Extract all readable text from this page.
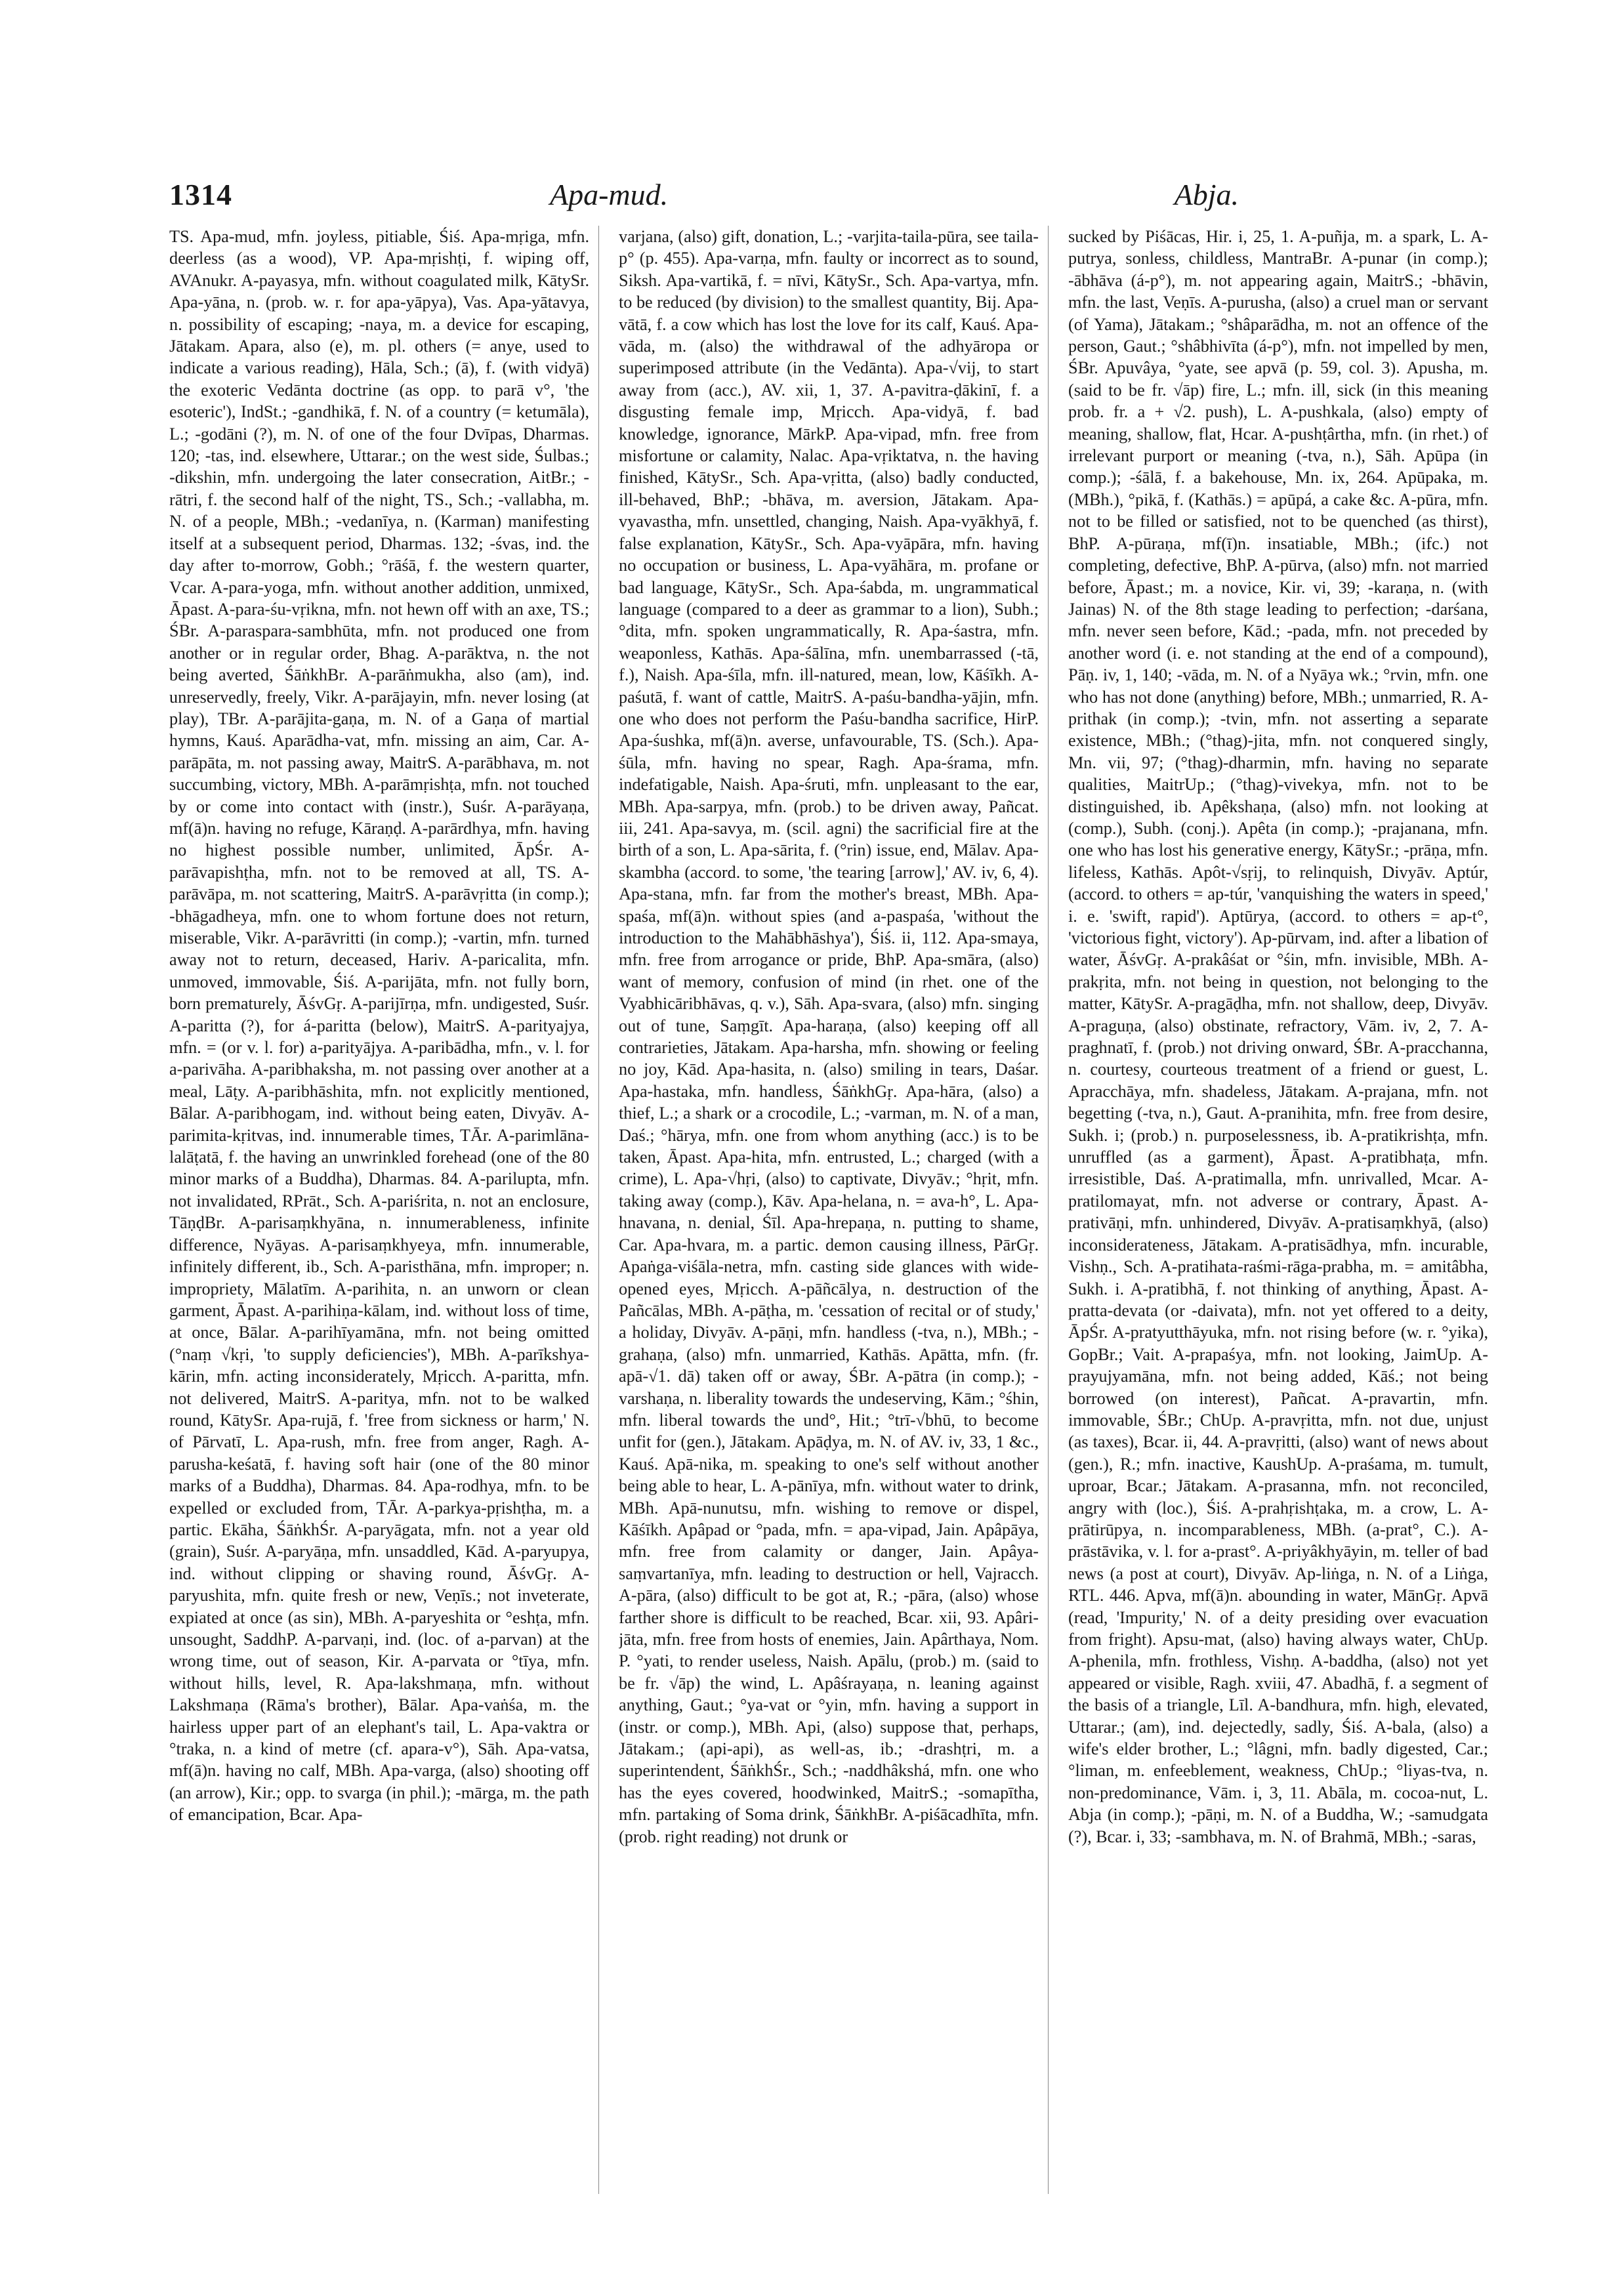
1314	Apa-mud.	Abja.

TS. Apa-mud, mfn. joyless, pitiable, Śiś. Apa-mṛiga, mfn. deerless (as a wood), VP. Apa-mṛishṭi, f. wiping off, AVAnukr. A-payasya, mfn. without coagulated milk, KātySr. Apa-yāna, n. (prob. w. r. for apa-yāpya), Vas. Apa-yātavya, n. possibility of escaping; -naya, m. a device for escaping, Jātakam. Apara, also (e), m. pl. others (= anye, used to indicate a various reading), Hāla, Sch.; (ā), f. (with vidyā) the exoteric Vedānta doctrine (as opp. to parā v°, 'the esoteric'), IndSt.; -gandhikā, f. N. of a country (= ketumāla), L.; -godāni (?), m. N. of one of the four Dvīpas, Dharmas. 120; -tas, ind. elsewhere, Uttarar.; on the west side, Śulbas.; -dikshin, mfn. undergoing the later consecration, AitBr.; -rātri, f. the second half of the night, TS., Sch.; -vallabha, m. N. of a people, MBh.; -vedanīya, n. (Karman) manifesting itself at a subsequent period, Dharmas. 132; -śvas, ind. the day after to-morrow, Gobh.; °rāśā, f. the western quarter, Vcar. A-para-yoga, mfn. without another addition, unmixed, Āpast. A-para-śu-vṛikna, mfn. not hewn off with an axe, TS.; ŚBr. A-paraspara-sambhūta, mfn. not produced one from another or in regular order, Bhag. A-parāktva, n. the not being averted, ŚāṅkhBr. A-parāṅmukha, also (am), ind. unreservedly, freely, Vikr. A-parājayin, mfn. never losing (at play), TBr. A-parājita-gaṇa, m. N. of a Gaṇa of martial hymns, Kauś. Aparādha-vat, mfn. missing an aim, Car. A-parāpāta, m. not passing away, MaitrS. A-parābhava, m. not succumbing, victory, MBh. A-parāmṛishṭa, mfn. not touched by or come into contact with (instr.), Suśr. A-parāyaṇa, mf(ā)n. having no refuge, Kāraṇḍ. A-parārdhya, mfn. having no highest possible number, unlimited, ĀpŚr. A-parāvapishṭha, mfn. not to be removed at all, TS. A-parāvāpa, m. not scattering, MaitrS. A-parāvṛitta (in comp.); -bhāgadheya, mfn. one to whom fortune does not return, miserable, Vikr. A-parāvritti (in comp.); -vartin, mfn. turned away not to return, deceased, Hariv. A-paricalita, mfn. unmoved, immovable, Śiś. A-parijāta, mfn. not fully born, born prematurely, ĀśvGṛ. A-parijīrṇa, mfn. undigested, Suśr. A-paritta (?), for á-paritta (below), MaitrS. A-parityajya, mfn. = (or v. l. for) a-parityājya. A-paribādha, mfn., v. l. for a-parivāha. A-paribhaksha, m. not passing over another at a meal, Lāṭy. A-paribhāshita, mfn. not explicitly mentioned, Bālar. A-paribhogam, ind. without being eaten, Divyāv. A-parimita-kṛitvas, ind. innumerable times, TĀr. A-parimlāna-lalāṭatā, f. the having an unwrinkled forehead (one of the 80 minor marks of a Buddha), Dharmas. 84. A-parilupta, mfn. not invalidated, RPrāt., Sch. A-pariśrita, n. not an enclosure, TāṇḍBr. A-parisaṃkhyāna, n. innumerableness, infinite difference, Nyāyas. A-parisaṃkhyeya, mfn. innumerable, infinitely different, ib., Sch. A-paristhāna, mfn. improper; n. impropriety, Mālatīm. A-parihita, n. an unworn or clean garment, Āpast. A-parihiṇa-kālam, ind. without loss of time, at once, Bālar. A-parihīyamāna, mfn. not being omitted (°naṃ √kṛi, 'to supply deficiencies'), MBh. A-parīkshya-kārin, mfn. acting inconsiderately, Mṛicch. A-paritta, mfn. not delivered, MaitrS. A-paritya, mfn. not to be walked round, KātySr. Apa-rujā, f. 'free from sickness or harm,' N. of Pārvatī, L. Apa-rush, mfn. free from anger, Ragh. A-parusha-keśatā, f. having soft hair (one of the 80 minor marks of a Buddha), Dharmas. 84. Apa-rodhya, mfn. to be expelled or excluded from, TĀr. A-parkya-pṛishṭha, m. a partic. Ekāha, ŚāṅkhŚr. A-paryāgata, mfn. not a year old (grain), Suśr. A-paryāṇa, mfn. unsaddled, Kād. A-paryupya, ind. without clipping or shaving round, ĀśvGṛ. A-paryushita, mfn. quite fresh or new, Veṇīs.; not inveterate, expiated at once (as sin), MBh. A-paryeshita or °eshṭa, mfn. unsought, SaddhP. A-parvaṇi, ind. (loc. of a-parvan) at the wrong time, out of season, Kir. A-parvata or °tīya, mfn. without hills, level, R. Apa-lakshmaṇa, mfn. without Lakshmaṇa (Rāma's brother), Bālar. Apa-vaṅśa, m. the hairless upper part of an elephant's tail, L. Apa-vaktra or °traka, n. a kind of metre (cf. apara-v°), Sāh. Apa-vatsa, mf(ā)n. having no calf, MBh. Apa-varga, (also) shooting off (an arrow), Kir.; opp. to svarga (in phil.); -mārga, m. the path of emancipation, Bcar. Apa-

varjana, (also) gift, donation, L.; -varjita-taila-pūra, see taila-p° (p. 455). Apa-varṇa, mfn. faulty or incorrect as to sound, Siksh. Apa-vartikā, f. = nīvi, KātySr., Sch. Apa-vartya, mfn. to be reduced (by division) to the smallest quantity, Bij. Apa-vātā, f. a cow which has lost the love for its calf, Kauś. Apa-vāda, m. (also) the withdrawal of the adhyāropa or superimposed attribute (in the Vedānta). Apa-√vij, to start away from (acc.), AV. xii, 1, 37. A-pavitra-ḍākinī, f. a disgusting female imp, Mṛicch. Apa-vidyā, f. bad knowledge, ignorance, MārkP. Apa-vipad, mfn. free from misfortune or calamity, Nalac. Apa-vṛiktatva, n. the having finished, KātySr., Sch. Apa-vṛitta, (also) badly conducted, ill-behaved, BhP.; -bhāva, m. aversion, Jātakam. Apa-vyavastha, mfn. unsettled, changing, Naish. Apa-vyākhyā, f. false explanation, KātySr., Sch. Apa-vyāpāra, mfn. having no occupation or business, L. Apa-vyāhāra, m. profane or bad language, KātySr., Sch. Apa-śabda, m. ungrammatical language (compared to a deer as grammar to a lion), Subh.; °dita, mfn. spoken ungrammatically, R. Apa-śastra, mfn. weaponless, Kathās. Apa-śālīna, mfn. unembarrassed (-tā, f.), Naish. Apa-śīla, mfn. ill-natured, mean, low, Kāśīkh. A-paśutā, f. want of cattle, MaitrS. A-paśu-bandha-yājin, mfn. one who does not perform the Paśu-bandha sacrifice, HirP. Apa-śushka, mf(ā)n. averse, unfavourable, TS. (Sch.). Apa-śūla, mfn. having no spear, Ragh. Apa-śrama, mfn. indefatigable, Naish. Apa-śruti, mfn. unpleasant to the ear, MBh. Apa-sarpya, mfn. (prob.) to be driven away, Pañcat. iii, 241. Apa-savya, m. (scil. agni) the sacrificial fire at the birth of a son, L. Apa-sārita, f. (°rin) issue, end, Mālav. Apa-skambha (accord. to some, 'the tearing [arrow],' AV. iv, 6, 4). Apa-stana, mfn. far from the mother's breast, MBh. Apa-spaśa, mf(ā)n. without spies (and a-paspaśa, 'without the introduction to the Mahābhāshya'), Śiś. ii, 112. Apa-smaya, mfn. free from arrogance or pride, BhP. Apa-smāra, (also) want of memory, confusion of mind (in rhet. one of the Vyabhicāribhāvas, q. v.), Sāh. Apa-svara, (also) mfn. singing out of tune, Saṃgīt. Apa-haraṇa, (also) keeping off all contrarieties, Jātakam. Apa-harsha, mfn. showing or feeling no joy, Kād. Apa-hasita, n. (also) smiling in tears, Daśar. Apa-hastaka, mfn. handless, ŚāṅkhGṛ. Apa-hāra, (also) a thief, L.; a shark or a crocodile, L.; -varman, m. N. of a man, Daś.; °hārya, mfn. one from whom anything (acc.) is to be taken, Āpast. Apa-hita, mfn. entrusted, L.; charged (with a crime), L. Apa-√hṛi, (also) to captivate, Divyāv.; °hṛit, mfn. taking away (comp.), Kāv. Apa-helana, n. = ava-h°, L. Apa-hnavana, n. denial, Śīl. Apa-hrepaṇa, n. putting to shame, Car. Apa-hvara, m. a partic. demon causing illness, PārGṛ. Apaṅga-viśāla-netra, mfn. casting side glances with wide-opened eyes, Mṛicch. A-pāñcālya, n. destruction of the Pañcālas, MBh. A-pāṭha, m. 'cessation of recital or of study,' a holiday, Divyāv. A-pāṇi, mfn. handless (-tva, n.), MBh.; -grahaṇa, (also) mfn. unmarried, Kathās. Apātta, mfn. (fr. apā-√1. dā) taken off or away, ŚBr. A-pātra (in comp.); -varshaṇa, n. liberality towards the undeserving, Kām.; °śhin, mfn. liberal towards the und°, Hit.; °trī-√bhū, to become unfit for (gen.), Jātakam. Apāḍya, m. N. of AV. iv, 33, 1 &c., Kauś. Apā-nika, m. speaking to one's self without another being able to hear, L. A-pānīya, mfn. without water to drink, MBh. Apā-nunutsu, mfn. wishing to remove or dispel, Kāśīkh. Apâpad or °pada, mfn. = apa-vipad, Jain. Apâpāya, mfn. free from calamity or danger, Jain. Apâya-saṃvartanīya, mfn. leading to destruction or hell, Vajracch. A-pāra, (also) difficult to be got at, R.; -pāra, (also) whose farther shore is difficult to be reached, Bcar. xii, 93. Apâri-jāta, mfn. free from hosts of enemies, Jain. Apârthaya, Nom. P. °yati, to render useless, Naish. Apālu, (prob.) m. (said to be fr. √āp) the wind, L. Apâśrayaṇa, n. leaning against anything, Gaut.; °ya-vat or °yin, mfn. having a support in (instr. or comp.), MBh. Api, (also) suppose that, perhaps, Jātakam.; (api-api), as well-as, ib.; -drashṭri, m. a superintendent, ŚāṅkhŚr., Sch.; -naddhâkshá, mfn. one who has the eyes covered, hoodwinked, MaitrS.; -somapītha, mfn. partaking of Soma drink, ŚāṅkhBr. A-piśācadhīta, mfn. (prob. right reading) not drunk or

sucked by Piśācas, Hir. i, 25, 1. A-puñja, m. a spark, L. A-putrya, sonless, childless, MantraBr. A-punar (in comp.); -ābhāva (á-p°), m. not appearing again, MaitrS.; -bhāvin, mfn. the last, Veṇīs. A-purusha, (also) a cruel man or servant (of Yama), Jātakam.; °shâparādha, m. not an offence of the person, Gaut.; °shâbhivīta (á-p°), mfn. not impelled by men, ŚBr. Apuvâya, °yate, see apvā (p. 59, col. 3). Apusha, m. (said to be fr. √āp) fire, L.; mfn. ill, sick (in this meaning prob. fr. a + √2. push), L. A-pushkala, (also) empty of meaning, shallow, flat, Hcar. A-pushṭârtha, mfn. (in rhet.) of irrelevant purport or meaning (-tva, n.), Sāh. Apūpa (in comp.); -śālā, f. a bakehouse, Mn. ix, 264. Apūpaka, m. (MBh.), °pikā, f. (Kathās.) = apūpá, a cake &c. A-pūra, mfn. not to be filled or satisfied, not to be quenched (as thirst), BhP. A-pūraṇa, mf(ī)n. insatiable, MBh.; (ifc.) not completing, defective, BhP. A-pūrva, (also) mfn. not married before, Āpast.; m. a novice, Kir. vi, 39; -karaṇa, n. (with Jainas) N. of the 8th stage leading to perfection; -darśana, mfn. never seen before, Kād.; -pada, mfn. not preceded by another word (i. e. not standing at the end of a compound), Pāṇ. iv, 1, 140; -vāda, m. N. of a Nyāya wk.; °rvin, mfn. one who has not done (anything) before, MBh.; unmarried, R. A-prithak (in comp.); -tvin, mfn. not asserting a separate existence, MBh.; (°thag)-jita, mfn. not conquered singly, Mn. vii, 97; (°thag)-dharmin, mfn. having no separate qualities, MaitrUp.; (°thag)-vivekya, mfn. not to be distinguished, ib. Apêkshaṇa, (also) mfn. not looking at (comp.), Subh. (conj.). Apêta (in comp.); -prajanana, mfn. one who has lost his generative energy, KātySr.; -prāṇa, mfn. lifeless, Kathās. Apôt-√sṛij, to relinquish, Divyāv. Aptúr, (accord. to others = ap-túr, 'vanquishing the waters in speed,' i. e. 'swift, rapid'). Aptūrya, (accord. to others = ap-t°, 'victorious fight, victory'). Ap-pūrvam, ind. after a libation of water, ĀśvGṛ. A-prakâśat or °śin, mfn. invisible, MBh. A-prakṛita, mfn. not being in question, not belonging to the matter, KātySr. A-pragāḍha, mfn. not shallow, deep, Divyāv. A-praguṇa, (also) obstinate, refractory, Vām. iv, 2, 7. A-praghnatī, f. (prob.) not driving onward, ŚBr. A-pracchanna, n. courtesy, courteous treatment of a friend or guest, L. Apracchāya, mfn. shadeless, Jātakam. A-prajana, mfn. not begetting (-tva, n.), Gaut. A-pranihita, mfn. free from desire, Sukh. i; (prob.) n. purposelessness, ib. A-pratikrishṭa, mfn. unruffled (as a garment), Āpast. A-pratibhaṭa, mfn. irresistible, Daś. A-pratimalla, mfn. unrivalled, Mcar. A-pratilomayat, mfn. not adverse or contrary, Āpast. A-prativāṇi, mfn. unhindered, Divyāv. A-pratisaṃkhyā, (also) inconsiderateness, Jātakam. A-pratisādhya, mfn. incurable, Vishṇ., Sch. A-pratihata-raśmi-rāga-prabha, m. = amitâbha, Sukh. i. A-pratibhā, f. not thinking of anything, Āpast. A-pratta-devata (or -daivata), mfn. not yet offered to a deity, ĀpŚr. A-pratyutthāyuka, mfn. not rising before (w. r. °yika), GopBr.; Vait. A-prapaśya, mfn. not looking, JaimUp. A-prayujyamāna, mfn. not being added, Kāś.; not being borrowed (on interest), Pañcat. A-pravartin, mfn. immovable, ŚBr.; ChUp. A-pravṛitta, mfn. not due, unjust (as taxes), Bcar. ii, 44. A-pravṛitti, (also) want of news about (gen.), R.; mfn. inactive, KaushUp. A-praśama, m. tumult, uproar, Bcar.; Jātakam. A-prasanna, mfn. not reconciled, angry with (loc.), Śiś. A-prahṛishṭaka, m. a crow, L. A-prātirūpya, n. incomparableness, MBh. (a-prat°, C.). A-prāstāvika, v. l. for a-prast°. A-priyâkhyāyin, m. teller of bad news (a post at court), Divyāv. Ap-liṅga, n. N. of a Liṅga, RTL. 446. Apva, mf(ā)n. abounding in water, MānGṛ. Apvā (read, 'Impurity,' N. of a deity presiding over evacuation from fright). Apsu-mat, (also) having always water, ChUp. A-phenila, mfn. frothless, Vishṇ. A-baddha, (also) not yet appeared or visible, Ragh. xviii, 47. Abadhā, f. a segment of the basis of a triangle, Līl. A-bandhura, mfn. high, elevated, Uttarar.; (am), ind. dejectedly, sadly, Śiś. A-bala, (also) a wife's elder brother, L.; °lâgni, mfn. badly digested, Car.; °liman, m. enfeeblement, weakness, ChUp.; °liyas-tva, n. non-predominance, Vām. i, 3, 11. Abāla, m. cocoa-nut, L. Abja (in comp.); -pāṇi, m. N. of a Buddha, W.; -samudgata (?), Bcar. i, 33; -sambhava, m. N. of Brahmā, MBh.; -saras,
